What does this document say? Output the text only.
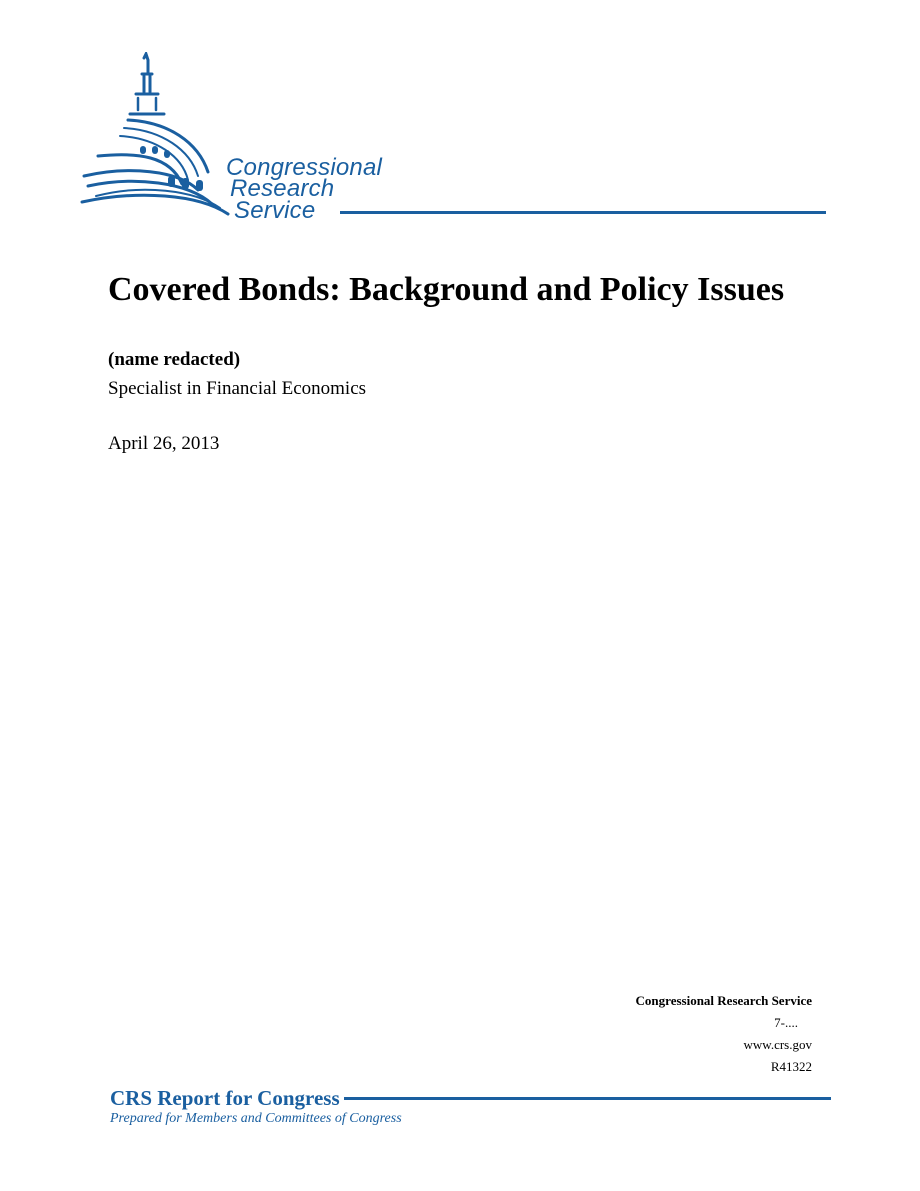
Congressional
Research
Service
Covered Bonds: Background and Policy Issues
(name redacted)
Specialist in Financial Economics
April 26, 2013
Congressional Research Service
7-....
www.crs.gov
R41322
CRS Report for Congress
Prepared for Members and Committees of Congress
